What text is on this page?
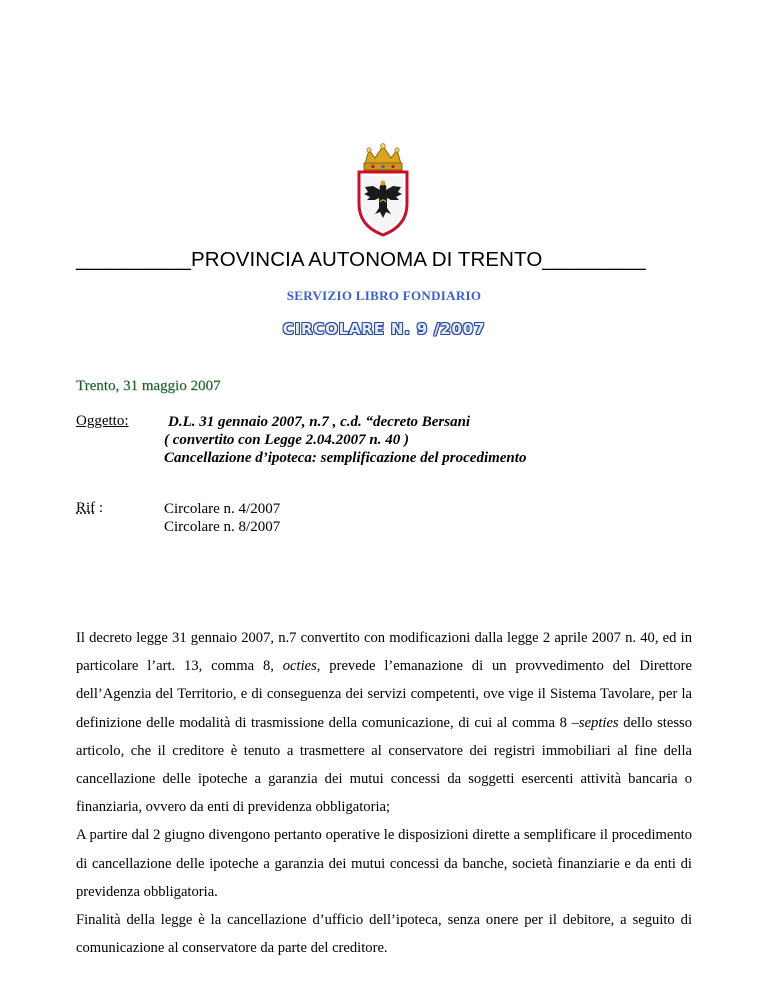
__________PROVINCIA AUTONOMA DI TRENTO_________
SERVIZIO LIBRO FONDIARIO
CIRCOLARE N. 9 /2007
Trento, 31 maggio 2007
Oggetto:	D.L. 31 gennaio 2007, n.7 , c.d. “decreto Bersani
( convertito con Legge 2.04.2007 n. 40 )
Cancellazione d’ipoteca: semplificazione del procedimento
Rif :	Circolare n. 4/2007
Circolare n. 8/2007

Il decreto legge 31 gennaio 2007, n.7 convertito con modificazioni dalla legge 2 aprile 2007 n. 40, ed in particolare l’art. 13, comma 8, octies, prevede l’emanazione di un provvedimento del Direttore dell’Agenzia del Territorio, e di conseguenza dei servizi competenti, ove vige il Sistema Tavolare, per la definizione delle modalità di trasmissione della comunicazione, di cui al comma 8 –septies dello stesso articolo, che il creditore è tenuto a trasmettere al conservatore dei registri immobiliari al fine della cancellazione delle ipoteche a garanzia dei mutui concessi da soggetti esercenti attività bancaria o finanziaria, ovvero da enti di previdenza obbligatoria;

A partire dal 2 giugno divengono pertanto operative le disposizioni dirette a semplificare il procedimento di cancellazione delle ipoteche a garanzia dei mutui concessi da banche, società finanziarie e da enti di previdenza obbligatoria.

Finalità della legge è la cancellazione d’ufficio dell’ipoteca, senza onere per il debitore, a seguito di comunicazione al conservatore da parte del creditore.
